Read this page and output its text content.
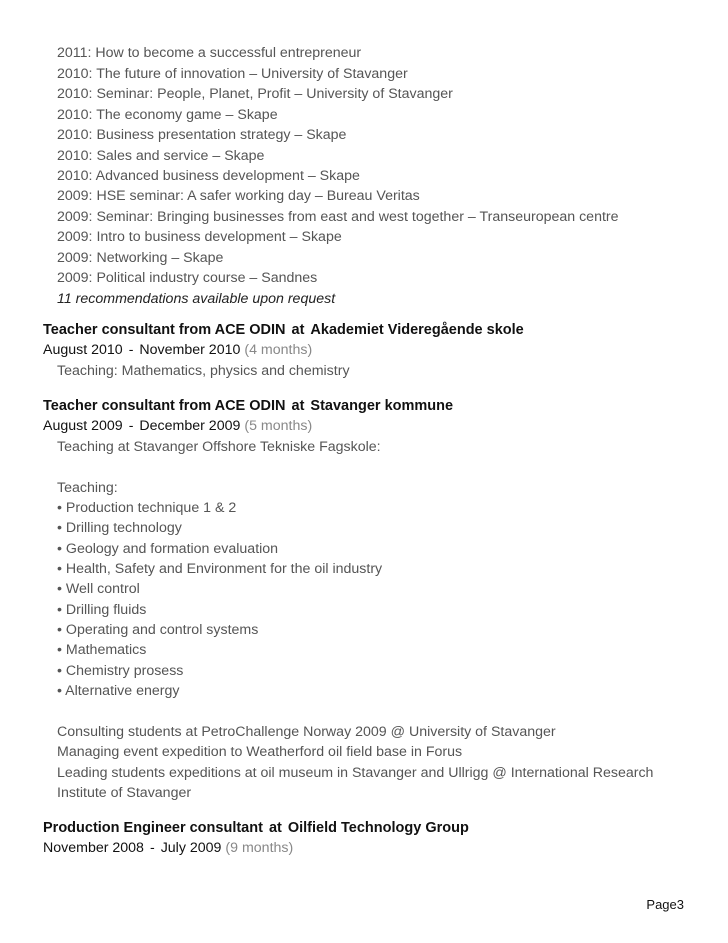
2011: How to become a successful entrepreneur
2010: The future of innovation – University of Stavanger
2010: Seminar: People, Planet, Profit – University of Stavanger
2010: The economy game – Skape
2010: Business presentation strategy – Skape
2010: Sales and service – Skape
2010: Advanced business development – Skape
2009: HSE seminar: A safer working day – Bureau Veritas
2009: Seminar: Bringing businesses from east and west together – Transeuropean centre
2009: Intro to business development – Skape
2009: Networking – Skape
2009: Political industry course – Sandnes
11 recommendations available upon request
Teacher consultant from ACE ODIN at Akademiet Videregående skole
August 2010 - November 2010 (4 months)
Teaching: Mathematics, physics and chemistry
Teacher consultant from ACE ODIN at Stavanger kommune
August 2009 - December 2009 (5 months)
Teaching at Stavanger Offshore Tekniske Fagskole:
Teaching:
• Production technique 1 & 2
• Drilling technology
• Geology and formation evaluation
• Health, Safety and Environment for the oil industry
• Well control
• Drilling fluids
• Operating and control systems
• Mathematics
• Chemistry prosess
• Alternative energy
Consulting students at PetroChallenge Norway 2009 @ University of Stavanger
Managing event expedition to Weatherford oil field base in Forus
Leading students expeditions at oil museum in Stavanger and Ullrigg @ International Research
Institute of Stavanger
Production Engineer consultant at Oilfield Technology Group
November 2008 - July 2009 (9 months)
Page3
